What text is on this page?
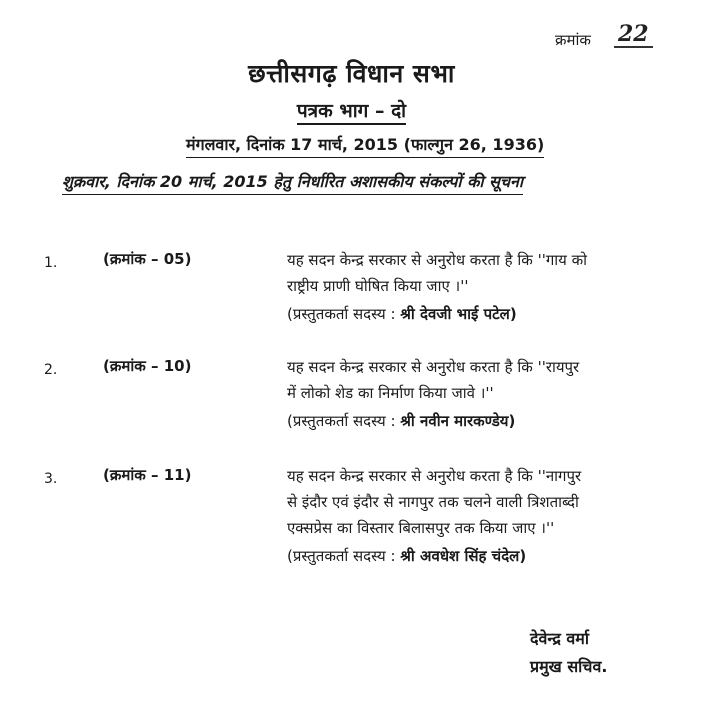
क्रमांक 22
छत्तीसगढ़ विधान सभा
पत्रक भाग – दो
मंगलवार, दिनांक 17 मार्च, 2015 (फाल्गुन 26, 1936)
शुक्रवार, दिनांक 20 मार्च, 2015 हेतु निर्धारित अशासकीय संकल्पों की सूचना
1.	(क्रमांक – 05)	यह सदन केन्द्र सरकार से अनुरोध करता है कि ''गाय को
राष्ट्रीय प्राणी घोषित किया जाए ।''
(प्रस्तुतकर्ता सदस्य : श्री देवजी भाई पटेल)
2.	(क्रमांक – 10)	यह सदन केन्द्र सरकार से अनुरोध करता है कि ''रायपुर
में लोको शेड का निर्माण किया जावे ।''
(प्रस्तुतकर्ता सदस्य : श्री नवीन मारकण्डेय)
3.	(क्रमांक – 11)	यह सदन केन्द्र सरकार से अनुरोध करता है कि ''नागपुर
से इंदौर एवं इंदौर से नागपुर तक चलने वाली त्रिशताब्दी
एक्सप्रेस का विस्तार बिलासपुर तक किया जाए ।''
(प्रस्तुतकर्ता सदस्य : श्री अवधेश सिंह चंदेल)
देवेन्द्र वर्मा
प्रमुख सचिव.
